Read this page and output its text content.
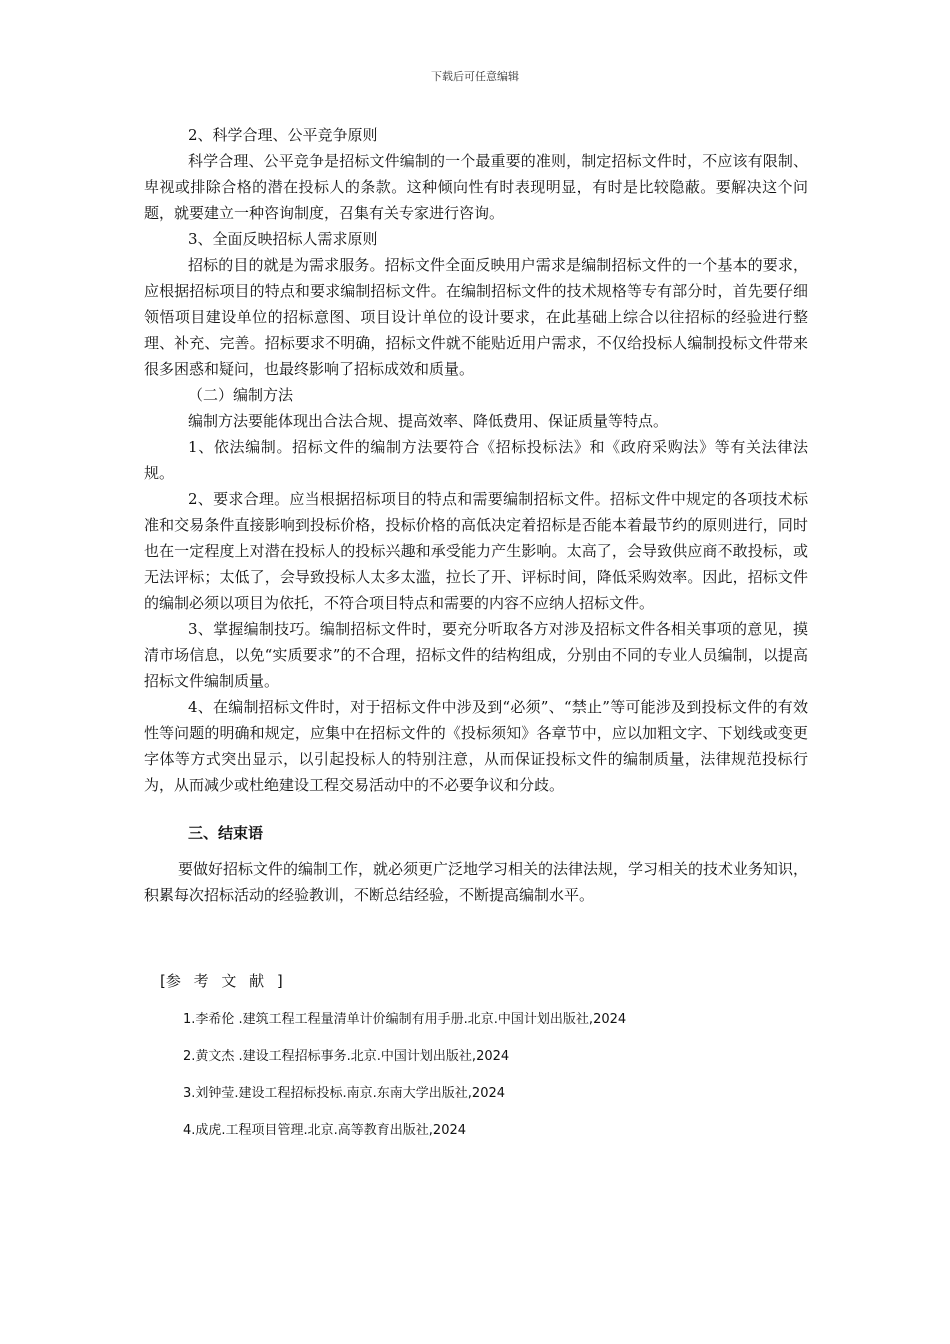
下载后可任意编辑

2、科学合理、公平竞争原则

科学合理、公平竞争是招标文件编制的一个最重要的准则，制定招标文件时，不应该有限制、卑视或排除合格的潜在投标人的条款。这种倾向性有时表现明显，有时是比较隐蔽。要解决这个问题，就要建立一种咨询制度，召集有关专家进行咨询。

3、全面反映招标人需求原则

招标的目的就是为需求服务。招标文件全面反映用户需求是编制招标文件的一个基本的要求，应根据招标项目的特点和要求编制招标文件。在编制招标文件的技术规格等专有部分时，首先要仔细领悟项目建设单位的招标意图、项目设计单位的设计要求，在此基础上综合以往招标的经验进行整理、补充、完善。招标要求不明确，招标文件就不能贴近用户需求，不仅给投标人编制投标文件带来很多困惑和疑问，也最终影响了招标成效和质量。

（二）编制方法

编制方法要能体现出合法合规、提高效率、降低费用、保证质量等特点。

1、依法编制。招标文件的编制方法要符合《招标投标法》和《政府采购法》等有关法律法规。

2、要求合理。应当根据招标项目的特点和需要编制招标文件。招标文件中规定的各项技术标准和交易条件直接影响到投标价格，投标价格的高低决定着招标是否能本着最节约的原则进行，同时也在一定程度上对潜在投标人的投标兴趣和承受能力产生影响。太高了，会导致供应商不敢投标，或无法评标；太低了，会导致投标人太多太滥，拉长了开、评标时间，降低采购效率。因此，招标文件的编制必须以项目为依托，不符合项目特点和需要的内容不应纳人招标文件。

3、掌握编制技巧。编制招标文件时，要充分听取各方对涉及招标文件各相关事项的意见，摸清市场信息，以免“实质要求”的不合理，招标文件的结构组成，分别由不同的专业人员编制，以提高招标文件编制质量。

4、在编制招标文件时，对于招标文件中涉及到“必须”、“禁止”等可能涉及到投标文件的有效性等问题的明确和规定，应集中在招标文件的《投标须知》各章节中，应以加粗文字、下划线或变更字体等方式突出显示，以引起投标人的特别注意，从而保证投标文件的编制质量，法律规范投标行为，从而减少或杜绝建设工程交易活动中的不必要争议和分歧。

三、结束语
要做好招标文件的编制工作，就必须更广泛地学习相关的法律法规，学习相关的技术业务知识，积累每次招标活动的经验教训，不断总结经验，不断提高编制水平。
[参 考 文 献 ]
1.李希伦 .建筑工程工程量清单计价编制有用手册.北京.中国计划出版社,2024
2.黄文杰 .建设工程招标事务.北京.中国计划出版社,2024
3.刘钟莹.建设工程招标投标.南京.东南大学出版社,2024
4.成虎.工程项目管理.北京.高等教育出版社,2024
